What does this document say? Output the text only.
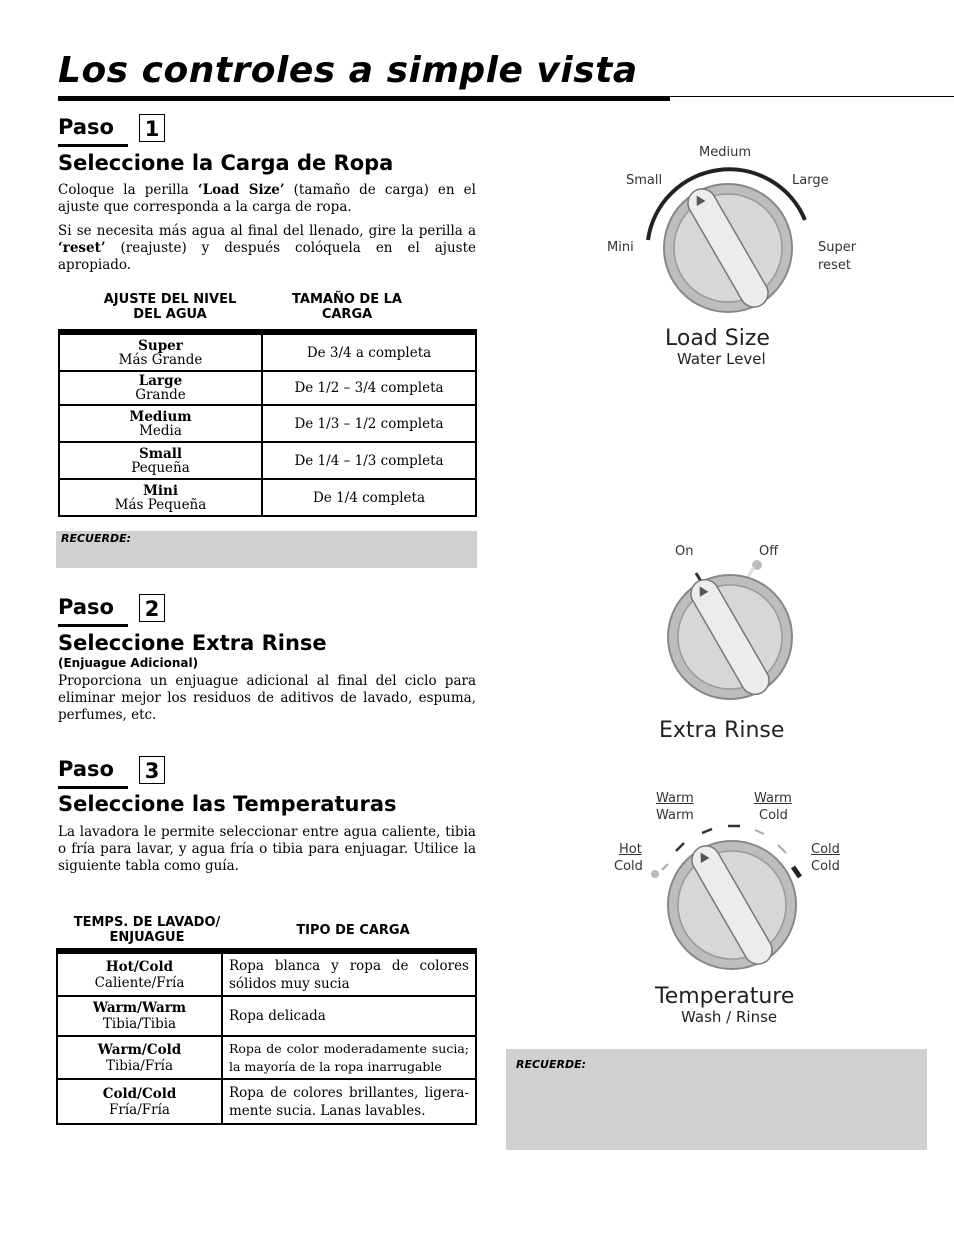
Los controles a simple vista
Paso 1
Seleccione la Carga de Ropa
Coloque la perilla ‘Load Size’ (tamaño de carga) en el ajuste que corresponda a la carga de ropa.
Si se necesita más agua al final del llenado, gire la perilla a ‘reset’ (reajuste) y después colóquela en el ajuste apropiado.
AJUSTE DEL NIVEL DEL AGUA
TAMAÑO DE LA CARGA
Super
Más Grande	De 3/4 a completa
Large
Grande	De 1/2 – 3/4 completa
Medium
Media	De 1/3 – 1/2 completa
Small
Pequeña	De 1/4 – 1/3 completa
Mini
Más Pequeña	De 1/4 completa
RECUERDE:
Paso 2
Seleccione Extra Rinse
(Enjuague Adicional)
Proporciona un enjuague adicional al final del ciclo para eliminar mejor los residuos de aditivos de lavado, espuma, perfumes, etc.
Paso 3
Seleccione las Temperaturas
La lavadora le permite seleccionar entre agua caliente, tibia o fría para lavar, y agua fría o tibia para enjuagar. Utilice la siguiente tabla como guía.
TEMPS. DE LAVADO/ ENJUAGUE	TIPO DE CARGA
Hot/Cold
Caliente/Fría	Ropa blanca y ropa de colores sólidos muy sucia
Warm/Warm
Tibia/Tibia	Ropa delicada
Warm/Cold
Tibia/Fría	Ropa de color moderadamente sucia; la mayoría de la ropa inarrugable
Cold/Cold
Fría/Fría	Ropa de colores brillantes, ligera-mente sucia. Lanas lavables.
Medium
Small	Large
Mini	Super
reset
Load Size
Water Level
On	Off
Extra Rinse
Warm
Warm
Warm
Cold
Hot
Cold
Cold
Cold
Temperature
Wash / Rinse
RECUERDE:
